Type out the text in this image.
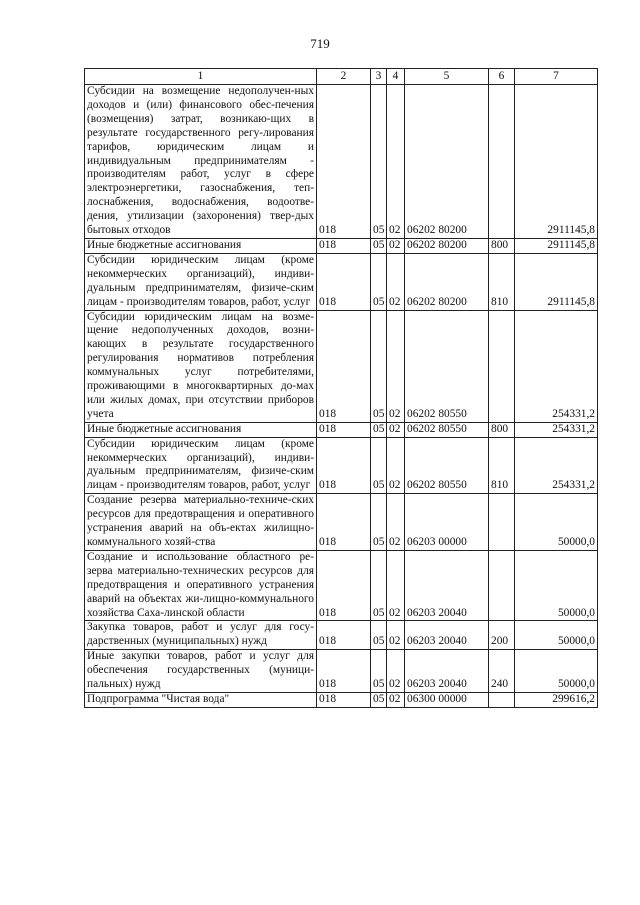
719
1	2	3	4	5	6	7

Субсидии на возмещение недополучен-ных доходов и (или) финансового обес-печения (возмещения) затрат, возникаю-щих в результате государственного регу-лирования тарифов, юридическим лицам и индивидуальным предпринимателям - производителям работ, услуг в сфере электроэнергетики, газоснабжения, теп-лоснабжения, водоснабжения, водоотве-дения, утилизации (захоронения) твер-дых бытовых отходов	018	05	02	06202 80200		2911145,8

Иные бюджетные ассигнования	018	05	02	06202 80200	800	2911145,8

Субсидии юридическим лицам (кроме некоммерческих организаций), индиви-дуальным предпринимателям, физиче-ским лицам - производителям товаров, работ, услуг	018	05	02	06202 80200	810	2911145,8

Субсидии юридическим лицам на возме-щение недополученных доходов, возни-кающих в результате государственного регулирования нормативов потребления коммунальных услуг потребителями, проживающими в многоквартирных до-мах или жилых домах, при отсутствии приборов учета	018	05	02	06202 80550		254331,2

Иные бюджетные ассигнования	018	05	02	06202 80550	800	254331,2

Субсидии юридическим лицам (кроме некоммерческих организаций), индиви-дуальным предпринимателям, физиче-ским лицам - производителям товаров, работ, услуг	018	05	02	06202 80550	810	254331,2

Создание резерва материально-техниче-ских ресурсов для предотвращения и оперативного устранения аварий на объ-ектах жилищно-коммунального хозяй-ства	018	05	02	06203 00000		50000,0

Создание и использование областного ре-зерва материально-технических ресурсов для предотвращения и оперативного устранения аварий на объектах жи-лищно-коммунального хозяйства Саха-линской области	018	05	02	06203 20040		50000,0

Закупка товаров, работ и услуг для госу-дарственных (муниципальных) нужд	018	05	02	06203 20040	200	50000,0

Иные закупки товаров, работ и услуг для обеспечения государственных (муници-пальных) нужд	018	05	02	06203 20040	240	50000,0

Подпрограмма "Чистая вода"	018	05	02	06300 00000		299616,2
